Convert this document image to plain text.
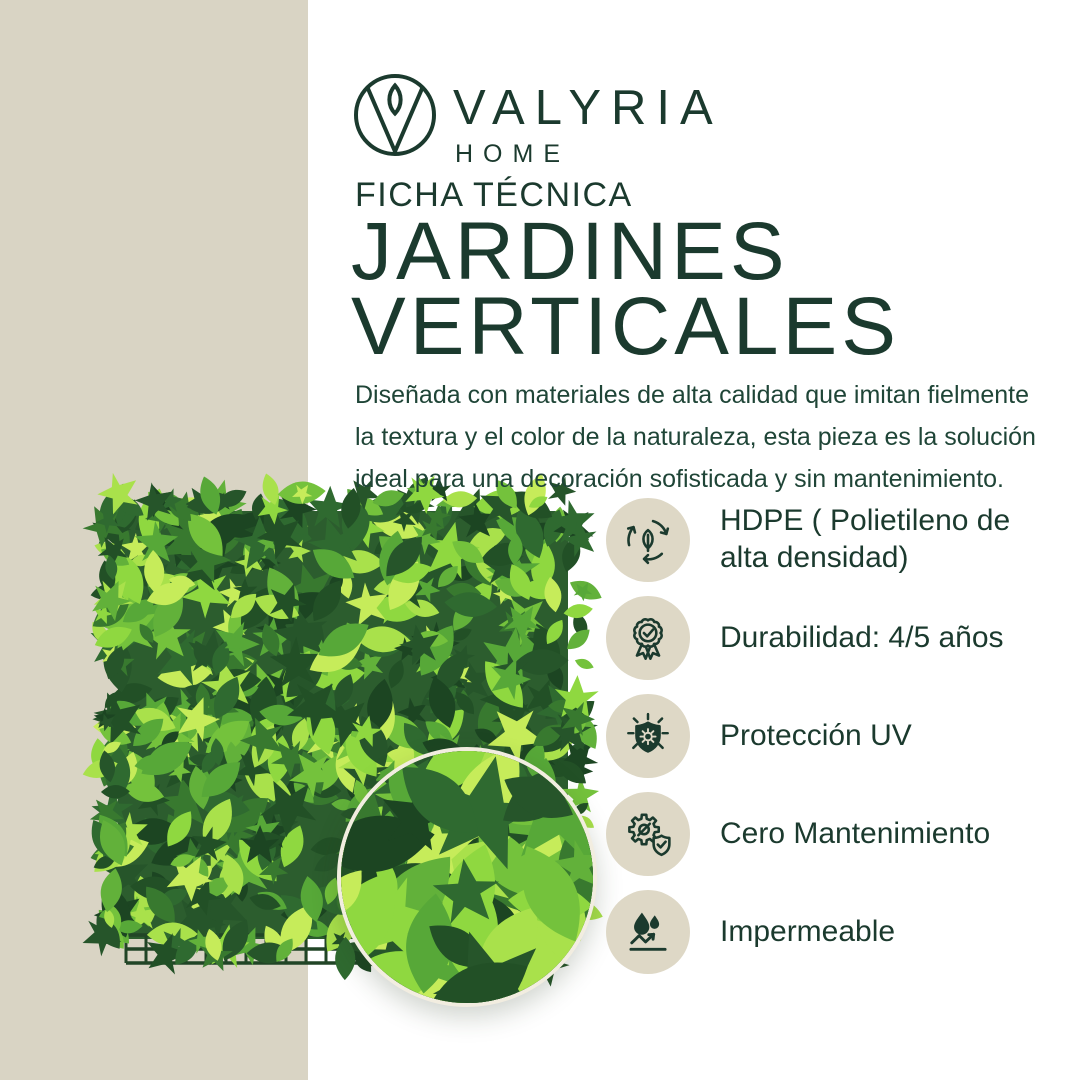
VALYRIA
HOME
FICHA TÉCNICA
JARDINES
VERTICALES
Diseñada con materiales de alta calidad que imitan fielmente
la textura y el color de la naturaleza, esta pieza es la solución
ideal para una decoración sofisticada y sin mantenimiento.
HDPE ( Polietileno de alta densidad)
Durabilidad: 4/5 años
Protección UV
Cero Mantenimiento
Impermeable
